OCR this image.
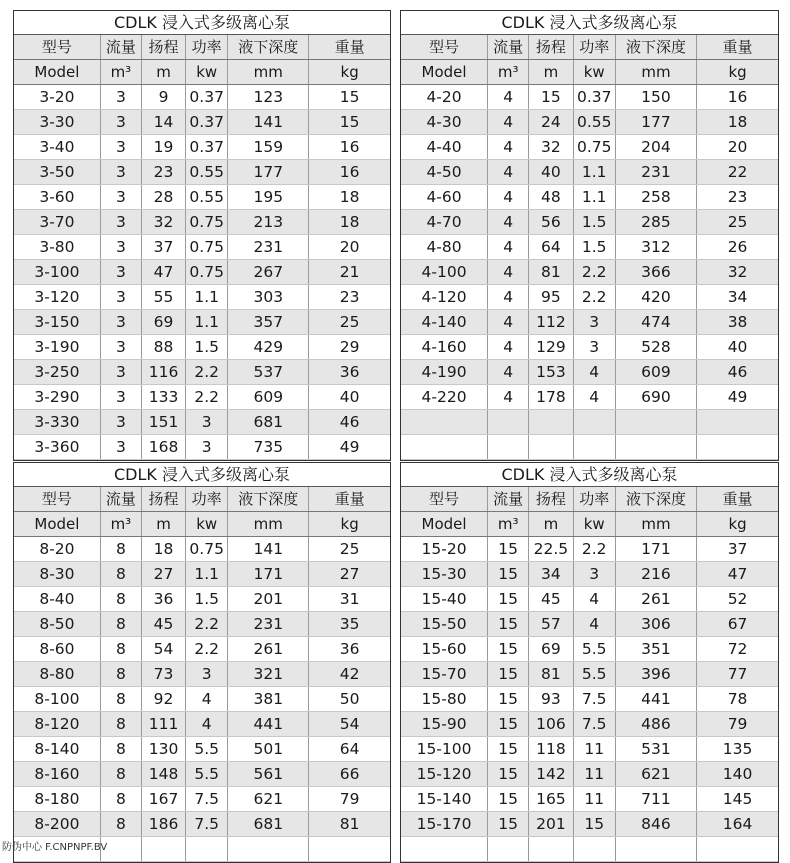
CDLK 浸入式多级离心泵					
型号	流量	扬程	功率	液下深度	重量
Model	m³	m	kw	mm	kg
3-20	3	9	0.37	123	15
3-30	3	14	0.37	141	15
3-40	3	19	0.37	159	16
3-50	3	23	0.55	177	16
3-60	3	28	0.55	195	18
3-70	3	32	0.75	213	18
3-80	3	37	0.75	231	20
3-100	3	47	0.75	267	21
3-120	3	55	1.1	303	23
3-150	3	69	1.1	357	25
3-190	3	88	1.5	429	29
3-250	3	116	2.2	537	36
3-290	3	133	2.2	609	40
3-330	3	151	3	681	46
3-360	3	168	3	735	49
CDLK 浸入式多级离心泵					
型号	流量	扬程	功率	液下深度	重量
Model	m³	m	kw	mm	kg
4-20	4	15	0.37	150	16
4-30	4	24	0.55	177	18
4-40	4	32	0.75	204	20
4-50	4	40	1.1	231	22
4-60	4	48	1.1	258	23
4-70	4	56	1.5	285	25
4-80	4	64	1.5	312	26
4-100	4	81	2.2	366	32
4-120	4	95	2.2	420	34
4-140	4	112	3	474	38
4-160	4	129	3	528	40
4-190	4	153	4	609	46
4-220	4	178	4	690	49

CDLK 浸入式多级离心泵					
型号	流量	扬程	功率	液下深度	重量
Model	m³	m	kw	mm	kg
8-20	8	18	0.75	141	25
8-30	8	27	1.1	171	27
8-40	8	36	1.5	201	31
8-50	8	45	2.2	231	35
8-60	8	54	2.2	261	36
8-80	8	73	3	321	42
8-100	8	92	4	381	50
8-120	8	111	4	441	54
8-140	8	130	5.5	501	64
8-160	8	148	5.5	561	66
8-180	8	167	7.5	621	79
8-200	8	186	7.5	681	81

CDLK 浸入式多级离心泵					
型号	流量	扬程	功率	液下深度	重量
Model	m³	m	kw	mm	kg
15-20	15	22.5	2.2	171	37
15-30	15	34	3	216	47
15-40	15	45	4	261	52
15-50	15	57	4	306	67
15-60	15	69	5.5	351	72
15-70	15	81	5.5	396	77
15-80	15	93	7.5	441	78
15-90	15	106	7.5	486	79
15-100	15	118	11	531	135
15-120	15	142	11	621	140
15-140	15	165	11	711	145
15-170	15	201	15	846	164

防伪中心 F.CNPNPF.BV
